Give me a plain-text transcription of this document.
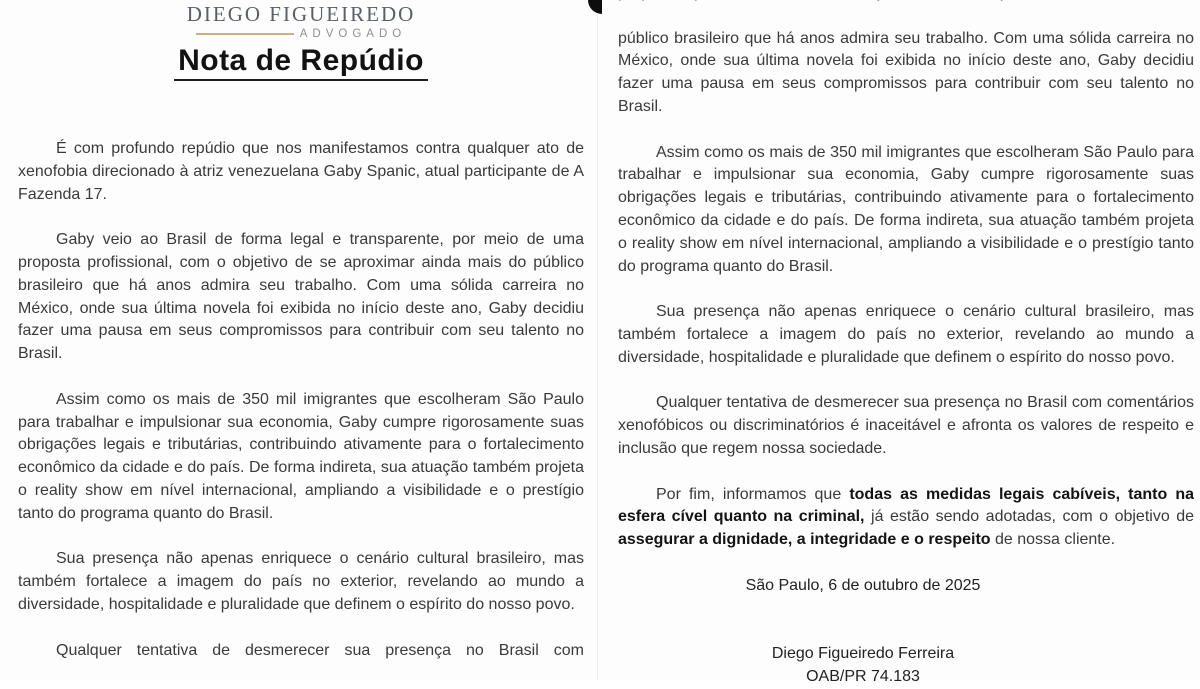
DIEGO FIGUEIREDO
ADVOGADO
Nota de Repúdio

É com profundo repúdio que nos manifestamos contra qualquer ato de xenofobia direcionado à atriz venezuelana Gaby Spanic, atual participante de A Fazenda 17.

Gaby veio ao Brasil de forma legal e transparente, por meio de uma proposta profissional, com o objetivo de se aproximar ainda mais do público brasileiro que há anos admira seu trabalho. Com uma sólida carreira no México, onde sua última novela foi exibida no início deste ano, Gaby decidiu fazer uma pausa em seus compromissos para contribuir com seu talento no Brasil.

Assim como os mais de 350 mil imigrantes que escolheram São Paulo para trabalhar e impulsionar sua economia, Gaby cumpre rigorosamente suas obrigações legais e tributárias, contribuindo ativamente para o fortalecimento econômico da cidade e do país. De forma indireta, sua atuação também projeta o reality show em nível internacional, ampliando a visibilidade e o prestígio tanto do programa quanto do Brasil.

Sua presença não apenas enriquece o cenário cultural brasileiro, mas também fortalece a imagem do país no exterior, revelando ao mundo a diversidade, hospitalidade e pluralidade que definem o espírito do nosso povo.

Qualquer tentativa de desmerecer sua presença no Brasil com

público brasileiro que há anos admira seu trabalho. Com uma sólida carreira no México, onde sua última novela foi exibida no início deste ano, Gaby decidiu fazer uma pausa em seus compromissos para contribuir com seu talento no Brasil.

Assim como os mais de 350 mil imigrantes que escolheram São Paulo para trabalhar e impulsionar sua economia, Gaby cumpre rigorosamente suas obrigações legais e tributárias, contribuindo ativamente para o fortalecimento econômico da cidade e do país. De forma indireta, sua atuação também projeta o reality show em nível internacional, ampliando a visibilidade e o prestígio tanto do programa quanto do Brasil.

Sua presença não apenas enriquece o cenário cultural brasileiro, mas também fortalece a imagem do país no exterior, revelando ao mundo a diversidade, hospitalidade e pluralidade que definem o espírito do nosso povo.

Qualquer tentativa de desmerecer sua presença no Brasil com comentários xenofóbicos ou discriminatórios é inaceitável e afronta os valores de respeito e inclusão que regem nossa sociedade.

Por fim, informamos que todas as medidas legais cabíveis, tanto na esfera cível quanto na criminal, já estão sendo adotadas, com o objetivo de assegurar a dignidade, a integridade e o respeito de nossa cliente.

São Paulo, 6 de outubro de 2025

Diego Figueiredo Ferreira
OAB/PR 74.183
